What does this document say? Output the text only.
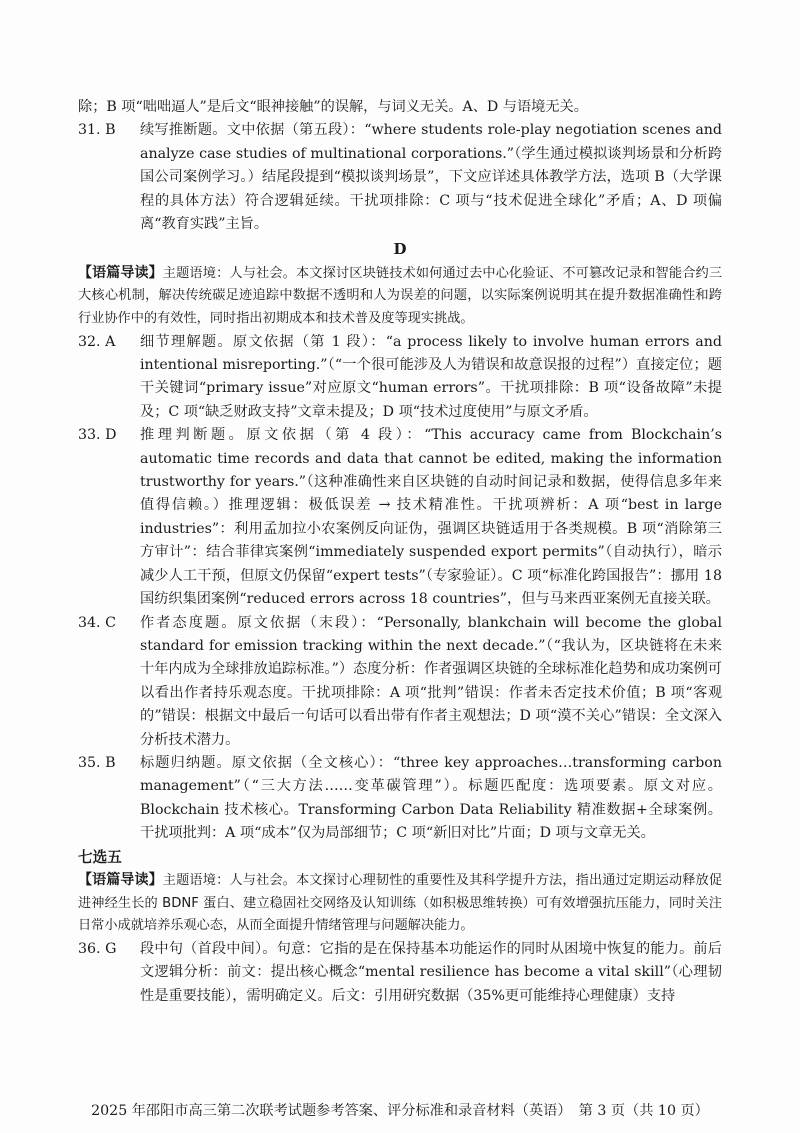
除；B 项“咄咄逼人”是后文“眼神接触”的误解，与词义无关。A、D 与语境无关。

31. B	续写推断题。文中依据（第五段）：“where students role-play negotiation scenes and analyze case studies of multinational corporations.”（学生通过模拟谈判场景和分析跨国公司案例学习。）结尾段提到“模拟谈判场景”，下文应详述具体教学方法，选项 B（大学课程的具体方法）符合逻辑延续。干扰项排除：C 项与“技术促进全球化”矛盾；A、D 项偏离“教育实践”主旨。
D

【语篇导读】主题语境：人与社会。本文探讨区块链技术如何通过去中心化验证、不可篡改记录和智能合约三大核心机制，解决传统碳足迹追踪中数据不透明和人为误差的问题，以实际案例说明其在提升数据准确性和跨行业协作中的有效性，同时指出初期成本和技术普及度等现实挑战。

32. A	细节理解题。原文依据（第 1 段）：“a process likely to involve human errors and intentional misreporting.”（“一个很可能涉及人为错误和故意误报的过程”）直接定位；题干关键词“primary issue”对应原文“human errors”。干扰项排除：B 项“设备故障”未提及；C 项“缺乏财政支持”文章未提及；D 项“技术过度使用”与原文矛盾。
33. D	推理判断题。原文依据（第 4 段）：“This accuracy came from Blockchain’s automatic time records and data that cannot be edited, making the information trustworthy for years.”（这种准确性来自区块链的自动时间记录和数据，使得信息多年来值得信赖。）推理逻辑：极低误差 → 技术精准性。干扰项辨析：A 项“best in large industries”：利用孟加拉小农案例反向证伪，强调区块链适用于各类规模。B 项“消除第三方审计”：结合菲律宾案例“immediately suspended export permits”（自动执行），暗示减少人工干预，但原文仍保留“expert tests”（专家验证）。C 项“标准化跨国报告”：挪用 18 国纺织集团案例“reduced errors across 18 countries”，但与马来西亚案例无直接关联。
34. C	作者态度题。原文依据（末段）：“Personally, blankchain will become the global standard for emission tracking within the next decade.”（“我认为，区块链将在未来十年内成为全球排放追踪标准。”）态度分析：作者强调区块链的全球标准化趋势和成功案例可以看出作者持乐观态度。干扰项排除：A 项“批判”错误：作者未否定技术价值；B 项“客观的”错误：根据文中最后一句话可以看出带有作者主观想法；D 项“漠不关心”错误：全文深入分析技术潜力。
35. B	标题归纳题。原文依据（全文核心）：“three key approaches…transforming carbon management”（“三大方法……变革碳管理”）。标题匹配度：选项要素。原文对应。Blockchain 技术核心。Transforming Carbon Data Reliability 精准数据+全球案例。干扰项批判：A 项“成本”仅为局部细节；C 项“新旧对比”片面；D 项与文章无关。
七选五

【语篇导读】主题语境：人与社会。本文探讨心理韧性的重要性及其科学提升方法，指出通过定期运动释放促进神经生长的 BDNF 蛋白、建立稳固社交网络及认知训练（如积极思维转换）可有效增强抗压能力，同时关注日常小成就培养乐观心态，从而全面提升情绪管理与问题解决能力。

36. G	段中句（首段中间）。句意：它指的是在保持基本功能运作的同时从困境中恢复的能力。前后文逻辑分析：前文：提出核心概念“mental resilience has become a vital skill”（心理韧性是重要技能），需明确定义。后文：引用研究数据（35%更可能维持心理健康）支持
2025 年邵阳市高三第二次联考试题参考答案、评分标准和录音材料（英语）　第 3 页（共 10 页）
